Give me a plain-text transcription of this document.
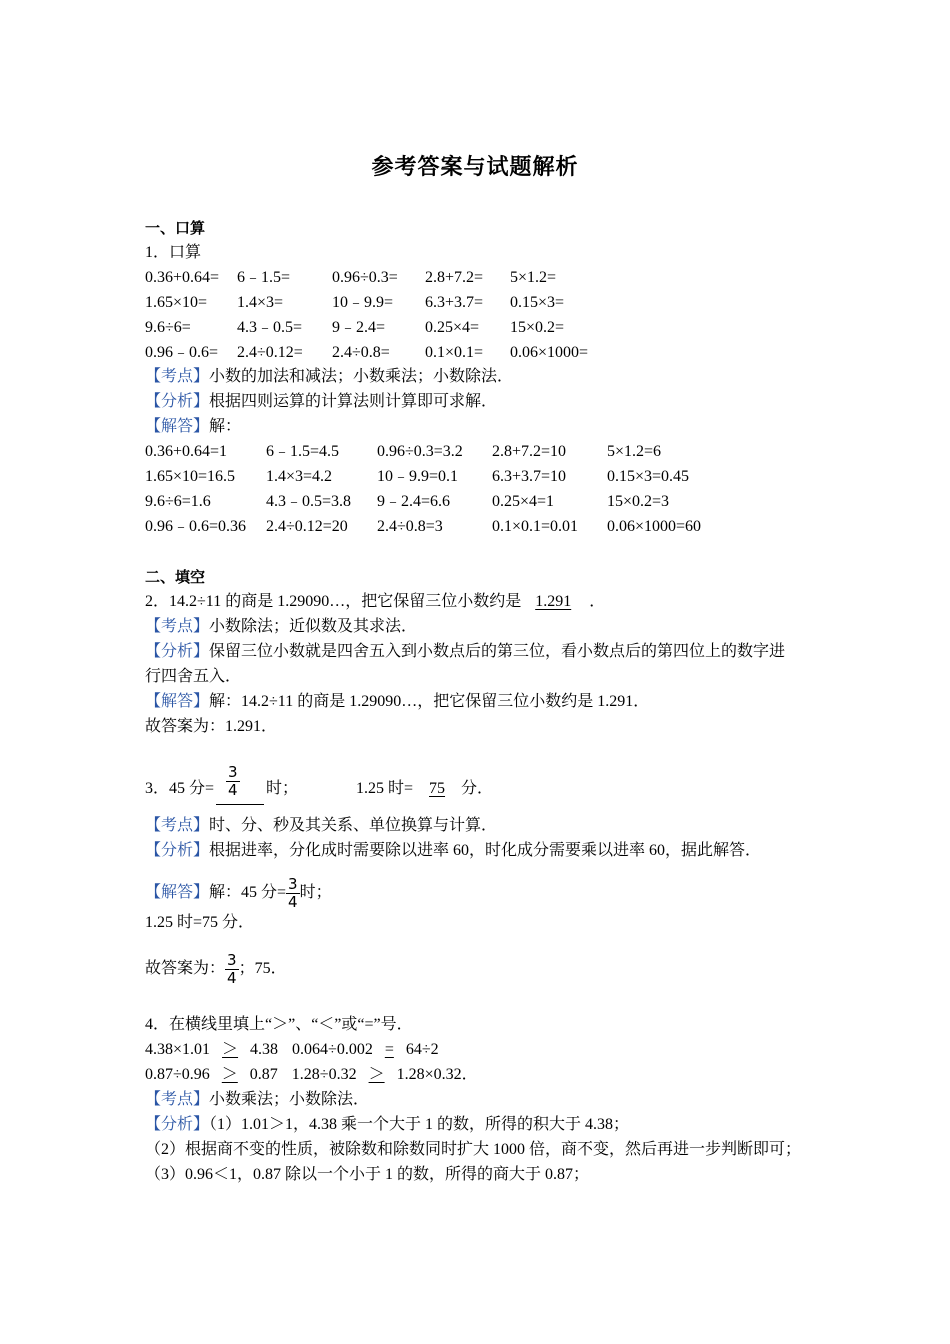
参考答案与试题解析
一、口算
1．口算
0.36+0.64= 6﹣1.5=	0.96÷0.3= 2.8+7.2= 5×1.2=
1.65×10= 1.4×3=	10﹣9.9= 6.3+3.7= 0.15×3=
9.6÷6=	4.3﹣0.5= 9﹣2.4= 0.25×4= 15×0.2=
0.96﹣0.6= 2.4÷0.12= 2.4÷0.8= 0.1×0.1= 0.06×1000=
【考点】小数的加法和减法；小数乘法；小数除法．
【分析】根据四则运算的计算法则计算即可求解．
【解答】解：
0.36+0.64=1 6﹣1.5=4.5 0.96÷0.3=3.2 2.8+7.2=10	5×1.2=6
1.65×10=16.5 1.4×3=4.2	10﹣9.9=0.1 6.3+3.7=10	0.15×3=0.45
9.6÷6=1.6	4.3﹣0.5=3.8 9﹣2.4=6.6	0.25×4=1	15×0.2=3
0.96﹣0.6=0.36 2.4÷0.12=20 2.4÷0.8=3	0.1×0.1=0.01 0.06×1000=60
二、填空
2．14.2÷11 的商是 1.29090…，把它保留三位小数约是 1.291 ．
【考点】小数除法；近似数及其求法．
【分析】保留三位小数就是四舍五入到小数点后的第三位，看小数点后的第四位上的数字进
行四舍五入．
【解答】解：14.2÷11 的商是 1.29090…，把它保留三位小数约是 1.291．
故答案为：1.291．
3．45 分= $\frac{3}{4}$ 时；	1.25 时= 75 分．
【考点】时、分、秒及其关系、单位换算与计算．
【分析】根据进率，分化成时需要除以进率 60，时化成分需要乘以进率 60，据此解答．
【解答】解：45 分= $\frac{3}{4}$ 时；
1.25 时=75 分．
故答案为： $\frac{3}{4}$ ；75．
4．在横线里填上“＞”、“＜”或“=”号．
4.38×1.01 ＞ 4.38 0.064÷0.002 = 64÷2
0.87÷0.96 ＞ 0.87 1.28÷0.32 ＞ 1.28×0.32．
【考点】小数乘法；小数除法．
【分析】（1）1.01＞1，4.38 乘一个大于 1 的数，所得的积大于 4.38；
（2）根据商不变的性质，被除数和除数同时扩大 1000 倍，商不变，然后再进一步判断即可；
（3）0.96＜1，0.87 除以一个小于 1 的数，所得的商大于 0.87；
